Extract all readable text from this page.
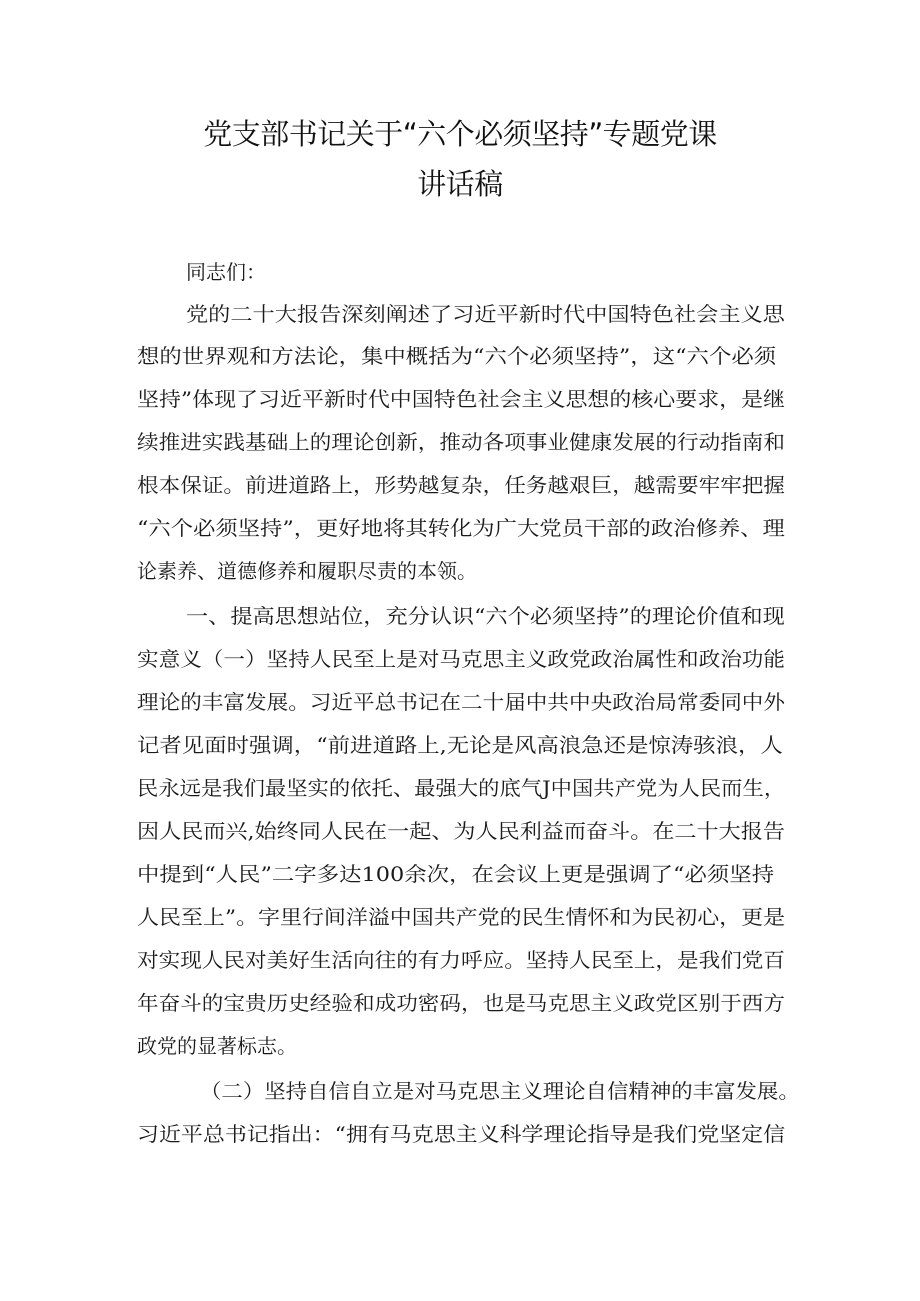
党支部书记关于“六个必须坚持”专题党课
讲话稿
同志们：
党的二十大报告深刻阐述了习近平新时代中国特色社会主义思
想的世界观和方法论，集中概括为“六个必须坚持”，这“六个必须
坚持”体现了习近平新时代中国特色社会主义思想的核心要求，是继
续推进实践基础上的理论创新，推动各项事业健康发展的行动指南和
根本保证。前进道路上，形势越复杂，任务越艰巨，越需要牢牢把握
“六个必须坚持”，更好地将其转化为广大党员干部的政治修养、理
论素养、道德修养和履职尽责的本领。
一、提高思想站位，充分认识“六个必须坚持”的理论价值和现
实意义（一）坚持人民至上是对马克思主义政党政治属性和政治功能
理论的丰富发展。习近平总书记在二十届中共中央政治局常委同中外
记者见面时强调，“前进道路上,无论是风高浪急还是惊涛骇浪，人
民永远是我们最坚实的依托、最强大的底气J中国共产党为人民而生，
因人民而兴,始终同人民在一起、为人民利益而奋斗。在二十大报告
中提到“人民”二字多达100余次，在会议上更是强调了“必须坚持
人民至上”。字里行间洋溢中国共产党的民生情怀和为民初心，更是
对实现人民对美好生活向往的有力呼应。坚持人民至上，是我们党百
年奋斗的宝贵历史经验和成功密码，也是马克思主义政党区别于西方
政党的显著标志。
（二）坚持自信自立是对马克思主义理论自信精神的丰富发展。
习近平总书记指出：“拥有马克思主义科学理论指导是我们党坚定信
